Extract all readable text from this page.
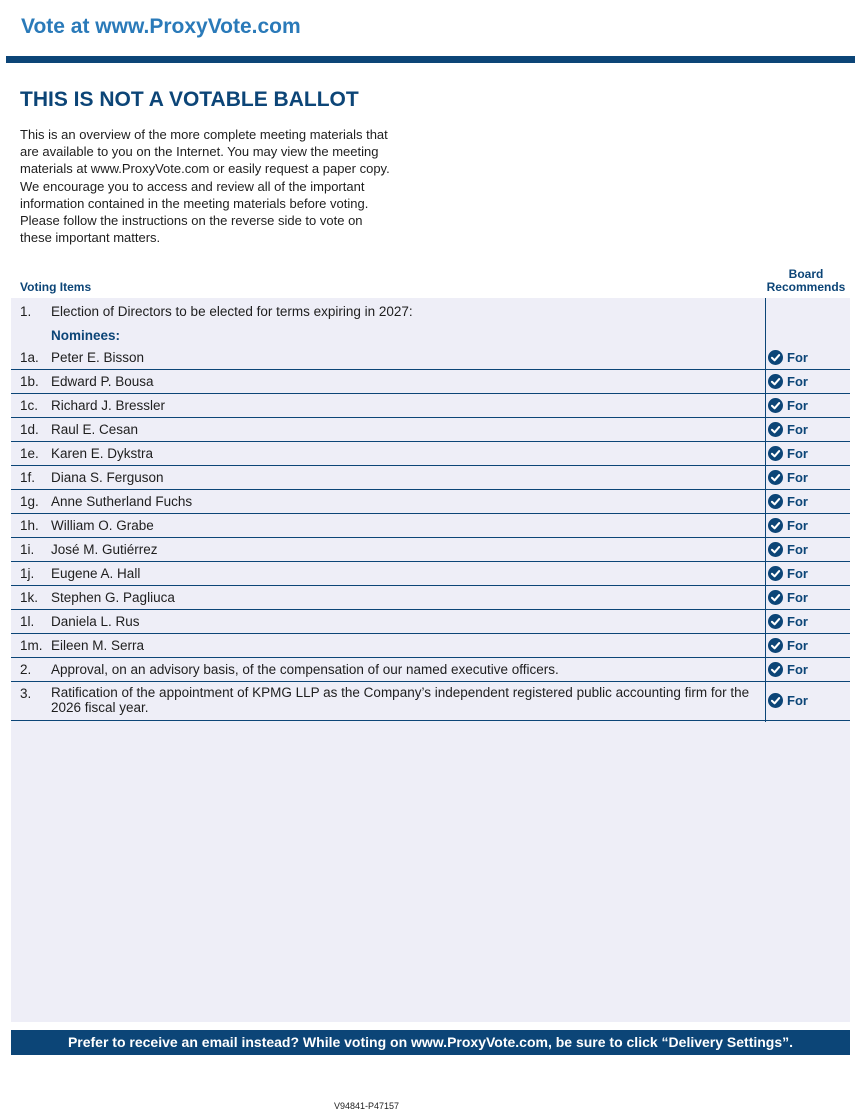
Vote at www.ProxyVote.com
THIS IS NOT A VOTABLE BALLOT
This is an overview of the more complete meeting materials that
are available to you on the Internet. You may view the meeting
materials at www.ProxyVote.com or easily request a paper copy.
We encourage you to access and review all of the important
information contained in the meeting materials before voting.
Please follow the instructions on the reverse side to vote on
these important matters.
Voting Items
Board
Recommends
1. Election of Directors to be elected for terms expiring in 2027:
Nominees:
1a. Peter E. Bisson	For
1b. Edward P. Bousa	For
1c. Richard J. Bressler	For
1d. Raul E. Cesan	For
1e. Karen E. Dykstra	For
1f. Diana S. Ferguson	For
1g. Anne Sutherland Fuchs	For
1h. William O. Grabe	For
1i. José M. Gutiérrez	For
1j. Eugene A. Hall	For
1k. Stephen G. Pagliuca	For
1l. Daniela L. Rus	For
1m. Eileen M. Serra	For
2. Approval, on an advisory basis, of the compensation of our named executive officers.	For
3. Ratification of the appointment of KPMG LLP as the Company’s independent registered public accounting firm for the 2026 fiscal year.	For
Prefer to receive an email instead? While voting on www.ProxyVote.com, be sure to click “Delivery Settings”.
V94841-P47157
